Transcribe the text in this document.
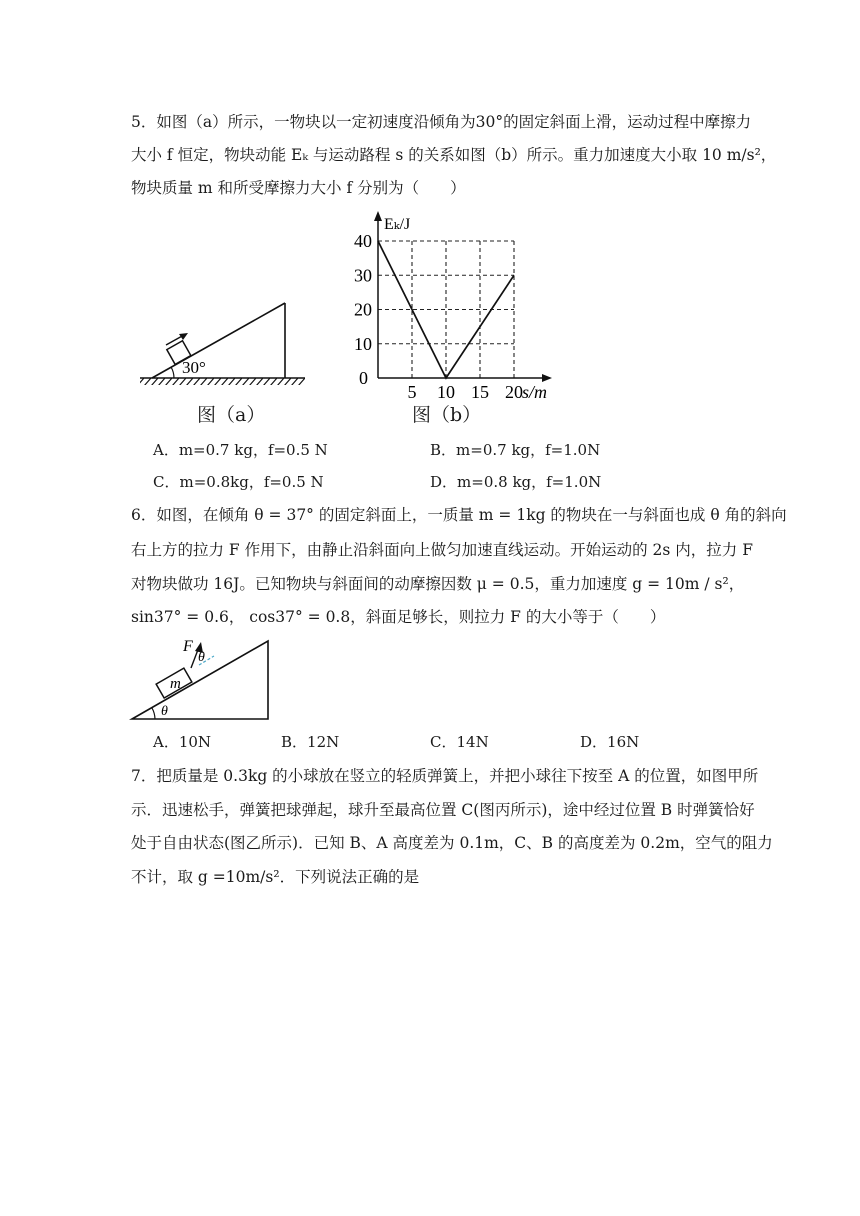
5．如图（a）所示，一物块以一定初速度沿倾角为30°的固定斜面上滑，运动过程中摩擦力
大小 f 恒定，物块动能 Eₖ 与运动路程 s 的关系如图（b）所示。重力加速度大小取 10 m/s²，
物块质量 m 和所受摩擦力大小 f 分别为（　　）
30°
图（a）
5 10 15 20
10
20
30
40
0
s/m
Eₖ/J
图（b）
A．m=0.7 kg，f=0.5 N	B．m=0.7 kg，f=1.0N
C．m=0.8kg，f=0.5 N	D．m=0.8 kg，f=1.0N
6．如图，在倾角 θ = 37° 的固定斜面上，一质量 m = 1kg 的物块在一与斜面也成 θ 角的斜向
右上方的拉力 F 作用下，由静止沿斜面向上做匀加速直线运动。开始运动的 2s 内，拉力 F
对物块做功 16J。已知物块与斜面间的动摩擦因数 μ = 0.5，重力加速度 g = 10m / s²，
sin37° = 0.6， cos37° = 0.8，斜面足够长，则拉力 F 的大小等于（　　）
m
F
θ
θ
A．10N	B．12N	C．14N	D．16N
7．把质量是 0.3kg 的小球放在竖立的轻质弹簧上，并把小球往下按至 A 的位置，如图甲所
示．迅速松手，弹簧把球弹起，球升至最高位置 C(图丙所示)，途中经过位置 B 时弹簧恰好
处于自由状态(图乙所示)．已知 B、A 高度差为 0.1m，C、B 的高度差为 0.2m，空气的阻力
不计，取 g =10m/s²．下列说法正确的是
